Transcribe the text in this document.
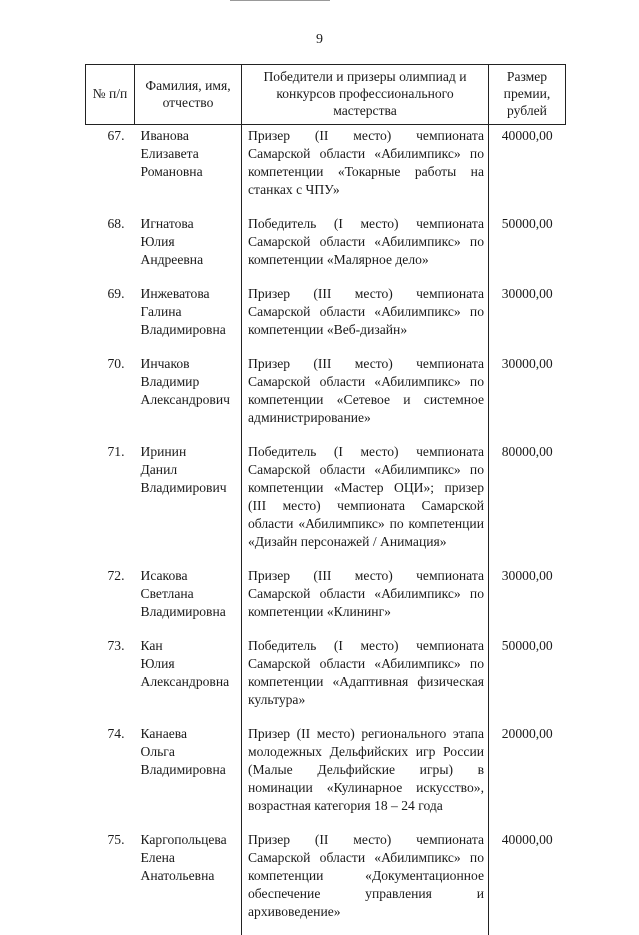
9
№ п/п	Фамилия, имя, отчество	Победители и призеры олимпиад и конкурсов профессионального мастерства	Размер премии, рублей
67.	Иванова
Елизавета
Романовна	Призер (II место) чемпионата Самарской области «Абилимпикс» по компетенции «Токарные работы на станках с ЧПУ»	40000,00
68.	Игнатова
Юлия
Андреевна	Победитель (I место) чемпионата Самарской области «Абилимпикс» по компетенции «Малярное дело»	50000,00
69.	Инжеватова
Галина
Владимировна	Призер (III место) чемпионата Самарской области «Абилимпикс» по компетенции «Веб-дизайн»	30000,00
70.	Инчаков
Владимир
Александрович	Призер (III место) чемпионата Самарской области «Абилимпикс» по компетенции «Сетевое и системное администрирование»	30000,00
71.	Иринин
Данил
Владимирович	Победитель (I место) чемпионата Самарской области «Абилимпикс» по компетенции «Мастер ОЦИ»; призер (III место) чемпионата Самарской области «Абилимпикс» по компетенции «Дизайн персонажей / Анимация»	80000,00
72.	Исакова
Светлана
Владимировна	Призер (III место) чемпионата Самарской области «Абилимпикс» по компетенции «Клининг»	30000,00
73.	Кан
Юлия
Александровна	Победитель (I место) чемпионата Самарской области «Абилимпикс» по компетенции «Адаптивная физическая культура»	50000,00
74.	Канаева
Ольга
Владимировна	Призер (II место) регионального этапа молодежных Дельфийских игр России (Малые Дельфийские игры) в номинации «Кулинарное искусство», возрастная категория 18 – 24 года	20000,00
75.	Каргопольцева
Елена
Анатольевна	Призер (II место) чемпионата Самарской области «Абилимпикс» по компетенции «Документационное обеспечение управления и архивоведение»	40000,00
